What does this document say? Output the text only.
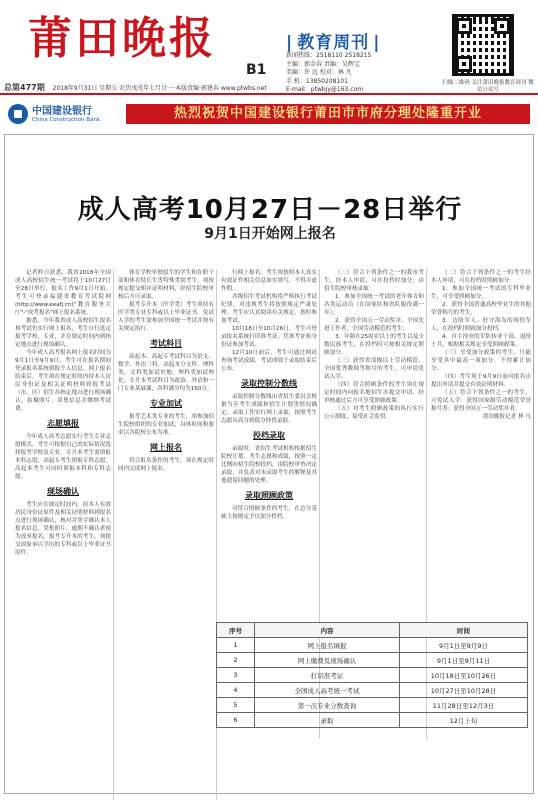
莆田晚报
B1
| 教育周刊 |
新闻热线：2518110 2518215
主编：郭金春 责编：吴辉宝
美编：许 远 校对：林 凡
手 机：13850208101
E-mail：ptwbjy@163.com
扫描二维码 关注莆田晚报教育周刊 微信公众号
总第477期 2018年9月31日 星期五 农历戊戌年七月廿一·本版责编·郭建春 www.ptwbs.net
中国建设银行
China Construction Bank	热烈祝贺中国建设银行莆田市市府分理处隆重开业
成人高考10月27日－28日举行
9月1日开始网上报名

记者昨日获悉，我省2018年全国成人高校招生统一考试将于10月27日至28日举行，报名工作9月1日开始，考生可登录福建省教育考试院网(http://www.eeafj.cn)"教育服务大厅"-"成考报名"网上报名系统。

据悉，今年我省成人高校招生报名和考试仍实行网上报名，考生自行选定报考学校、专业，并在规定时间内到指定地点进行现场确认。

今年成人高考报名网上报名时间为9月1日至9月9日，考生可在报名期间登录报名系统填报个人信息。网上报名结束后，考生须在规定时间内持本人居民身份证及相关证明材料到报考县（市、区）招生办指定地点进行现场确认，拍摄照片、采集信息并缴纳考试费。

志愿填报

今年成人高考志愿实行考生专业志愿模式，考生可根据自己的实际情况选择报考学校及专业。专升本考生需填报本科志愿，高起专考生填报专科志愿，高起本考生可同时填报本科和专科志愿。

现场确认

考生应在规定时间内，持本人有效居民身份证原件及相关证明材料到报名点进行现场确认，核对并签字确认本人报名信息，采集照片。逾期不确认者视为放弃报名。报考专升本的考生，须提交国家承认学历的专科或以上毕业证书原件。

体育学校单独招生的学生和在职干部和体育特长生等特殊类别考生，须按规定提交相应证明材料，经招生院校审核后方可录取。

报考专升本（医学类）考生须持有医学类专业专科或以上毕业证书。免试入学的考生需参加全国统一考试并按有关规定执行。

考试科目

高起本、高起专考试科目为语文、数学、外语三科，高起本分文科、理科类，文科类加试史地，理科类加试理化。专升本考试科目为政治、外语和一门专业基础课，各科满分均为150分。

专业加试

报考艺术类专业的考生，须参加招生院校组织的专业加试，具体时间和要求以各院校公布为准。

网上报名

符合报名条件的考生，须在规定时间内完成网上报名。

行网上报名。考生须按照本人真实有效证件相关信息如实填写，不得弄虚作假。

各级招生考试机构将严格执行考试纪律，对违规考生将按照规定严肃处理。考生应认真阅读有关规定，按时参加考试。

10月18日至10月26日，考生可登录报名系统打印准考证，凭准考证和身份证参加考试。

12月10日前后，考生可通过网站查询考试成绩，考试成绩于录取结束后公布。

录取控制分数线

录取控制分数线由省招生委员会根据当年考生成绩和招生计划等情况确定。录取工作实行网上录取，按照考生志愿从高分到低分择优录取。

投档录取

录取时，省招生考试机构根据招生院校计划、考生志愿和成绩，按照一定比例向招生院校投档，由院校审查决定录取，并负责对未录取考生的解释及其他遗留问题的处理。

录取照顾政策

对符合照顾条件的考生，在总分基础上按规定予以加分投档。

（二）符合下列条件之一的我市考生，经本人申请，可在投档时加分，由招生院校审核录取：

1．参加全国统一考试的老年体育和各类运动员（在国家队和省队服役满一年）；

2．获得全国五一劳动奖章、全国先进工作者、全国劳动模范的考生；

3．年龄在25周岁以上的考生以及少数民族考生，在投档时可按相关规定照顾加分。

（三）获得省部级以上劳动模范、全国优秀教师等称号的考生，可申请免试入学。

（四）符合照顾条件的考生须在规定时间内向报名地招生办提交申请，经审核通过后方可享受照顾政策。

（五）对考生照顾政策的执行实行公示制度，接受社会监督。

（二）符合下列条件之一的考生经本人申请，可在投档时照顾加分：

1．参加全国统一考试的专科毕业生，可享受照顾加分。

2．获得全国普通高校毕业生的其他荣誉称号的考生。

3．边防军人、驻守海岛的现役军人，在投档时照顾加分投档。

4．自主择业的军队转业干部、退役士兵，根据相关规定享受照顾政策。

（三）享受加分政策的考生，只能享受其中最高一项加分，不得累计加分。

（四）考生须于9月9日前向报名点提出申请并提交有效证明材料。

（五）符合下列条件之一的考生，可免试入学：获得国家级劳动模范荣誉称号者；获得全国五一劳动奖章者。

莆田晚报记者 林 凡

序号	内容	时间
1	网上报名填报	9月1日至9月9日
2	网上缴费及现场确认	9月1日至9月11日
3	打印准考证	10月18日至10月26日
4	全国成人高考统一考试	10月27日至10月28日
5	第一次专业分数查询	11月28日至12月3日
6	录取	12月上旬
